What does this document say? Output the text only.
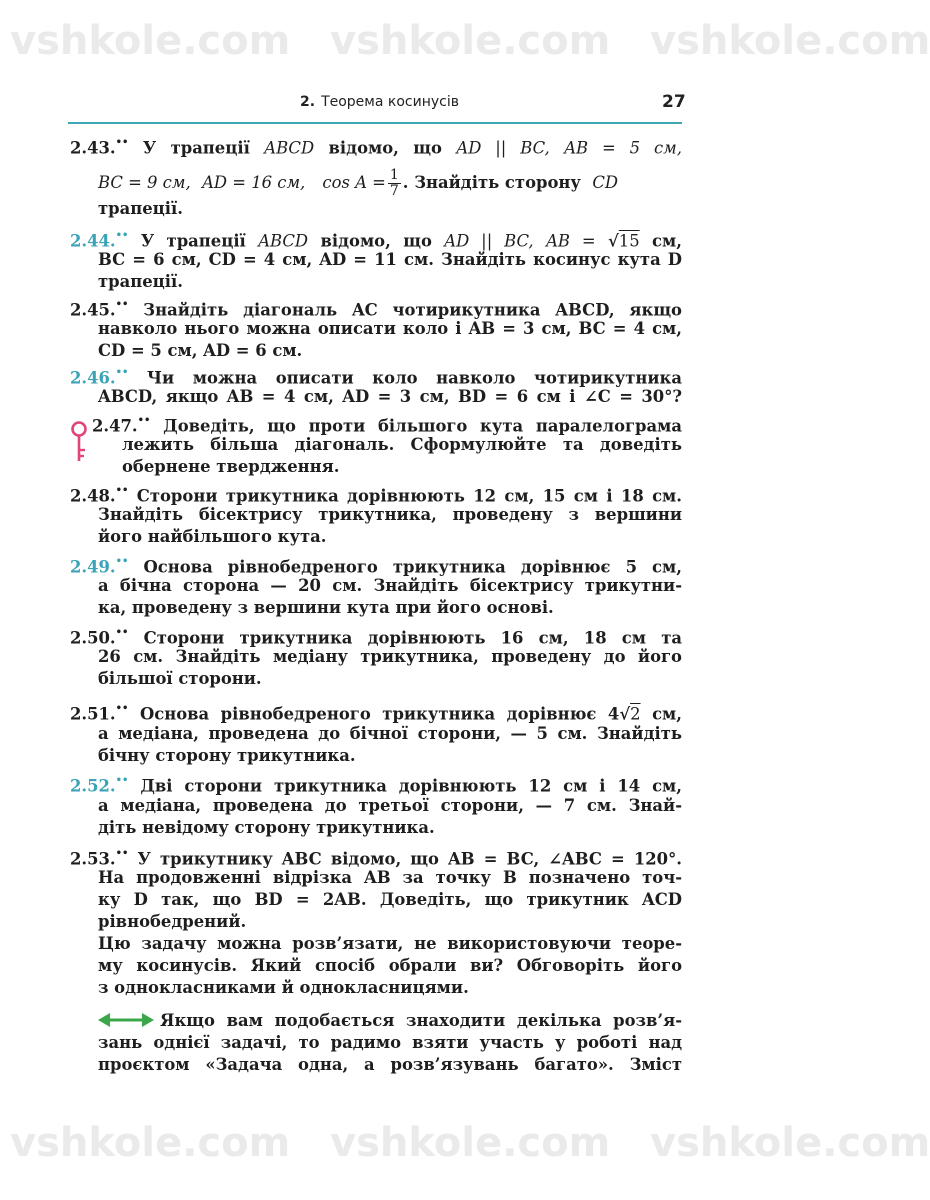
vshkole.com vshkole.com vshkole.com
vshkole.com vshkole.com vshkole.com
2. Теорема косинусів	27
2.43.•• У трапеції ABCD відомо, що AD || BC, AB = 5 см,
BC = 9 см, AD = 16 см, $\cos A = \frac{1}{7}$ . Знайдіть сторону CD
трапеції.
2.44.•• У трапеції ABCD відомо, що AD || BC, AB = √15 см,
BC = 6 см, CD = 4 см, AD = 11 см. Знайдіть косинус кута D
трапеції.
2.45.•• Знайдіть діагональ AC чотирикутника ABCD, якщо
навколо нього можна описати коло і AB = 3 см, BC = 4 см,
CD = 5 см, AD = 6 см.
2.46.•• Чи можна описати коло навколо чотирикутника
ABCD, якщо AB = 4 см, AD = 3 см, BD = 6 см і ∠C = 30°?
2.47.•• Доведіть, що проти більшого кута паралелограма
лежить більша діагональ. Сформулюйте та доведіть
обернене твердження.
2.48.•• Сторони трикутника дорівнюють 12 см, 15 см і 18 см.
Знайдіть бісектрису трикутника, проведену з вершини
його найбільшого кута.
2.49.•• Основа рівнобедреного трикутника дорівнює 5 см,
а бічна сторона — 20 см. Знайдіть бісектрису трикутни-
ка, проведену з вершини кута при його основі.
2.50.•• Сторони трикутника дорівнюють 16 см, 18 см та
26 см. Знайдіть медіану трикутника, проведену до його
більшої сторони.
2.51.•• Основа рівнобедреного трикутника дорівнює 4√2 см,
а медіана, проведена до бічної сторони, — 5 см. Знайдіть
бічну сторону трикутника.
2.52.•• Дві сторони трикутника дорівнюють 12 см і 14 см,
а медіана, проведена до третьої сторони, — 7 см. Знай-
діть невідому сторону трикутника.
2.53.•• У трикутнику ABC відомо, що AB = BC, ∠ABC = 120°.
На продовженні відрізка AB за точку B позначено точ-
ку D так, що BD = 2AB. Доведіть, що трикутник ACD
рівнобедрений.
Цю задачу можна розв’язати, не використовуючи теоре-
му косинусів. Який спосіб обрали ви? Обговоріть його
з однокласниками й однокласницями.
Якщо вам подобається знаходити декілька розв’я-
зань однієї задачі, то радимо взяти участь у роботі над
проєктом «Задача одна, а розв’язувань багато». Зміст
